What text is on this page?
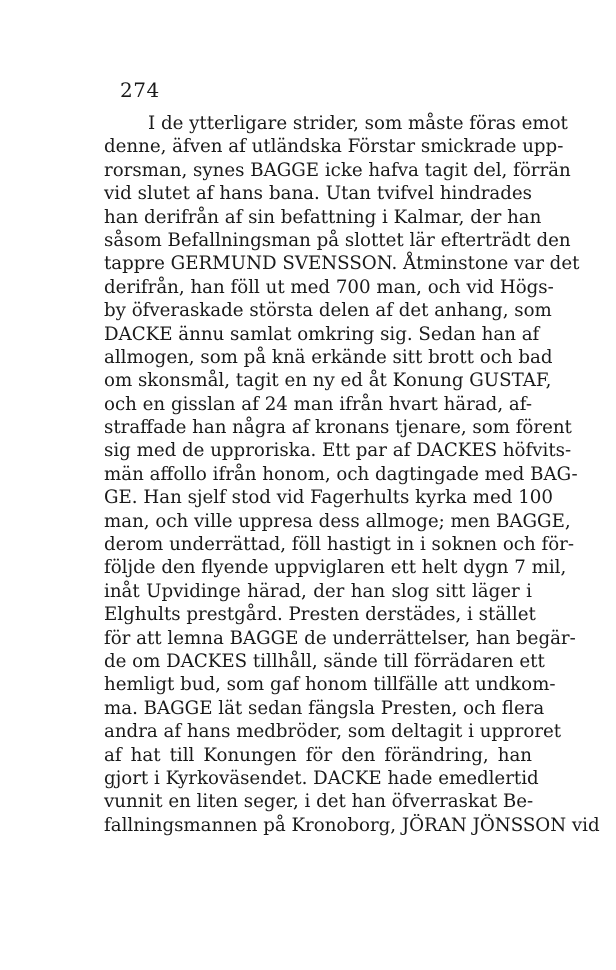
274
I de ytterligare strider, som måste föras emot
denne, äfven af utländska Förstar smickrade upp-
rorsman, synes BAGGE icke hafva tagit del, förrän
vid slutet af hans bana. Utan tvifvel hindrades
han derifrån af sin befattning i Kalmar, der han
såsom Befallningsman på slottet lär efterträdt den
tappre GERMUND SVENSSON. Åtminstone var det
derifrån, han föll ut med 700 man, och vid Högs-
by öfveraskade största delen af det anhang, som
DACKE ännu samlat omkring sig. Sedan han af
allmogen, som på knä erkände sitt brott och bad
om skonsmål, tagit en ny ed åt Konung GUSTAF,
och en gisslan af 24 man ifrån hvart härad, af-
straffade han några af kronans tjenare, som förent
sig med de upproriska. Ett par af DACKES höfvits-
män affollo ifrån honom, och dagtingade med BAG-
GE. Han sjelf stod vid Fagerhults kyrka med 100
man, och ville uppresa dess allmoge; men BAGGE,
derom underrättad, föll hastigt in i soknen och för-
följde den flyende uppviglaren ett helt dygn 7 mil,
inåt Upvidinge härad, der han slog sitt läger i
Elghults prestgård. Presten derstädes, i stället
för att lemna BAGGE de underrättelser, han begär-
de om DACKES tillhåll, sände till förrädaren ett
hemligt bud, som gaf honom tillfälle att undkom-
ma. BAGGE lät sedan fängsla Presten, och flera
andra af hans medbröder, som deltagit i upproret
af hat till Konungen för den förändring, han
gjort i Kyrkoväsendet. DACKE hade emedlertid
vunnit en liten seger, i det han öfverraskat Be-
fallningsmannen på Kronoborg, JÖRAN JÖNSSON vid
